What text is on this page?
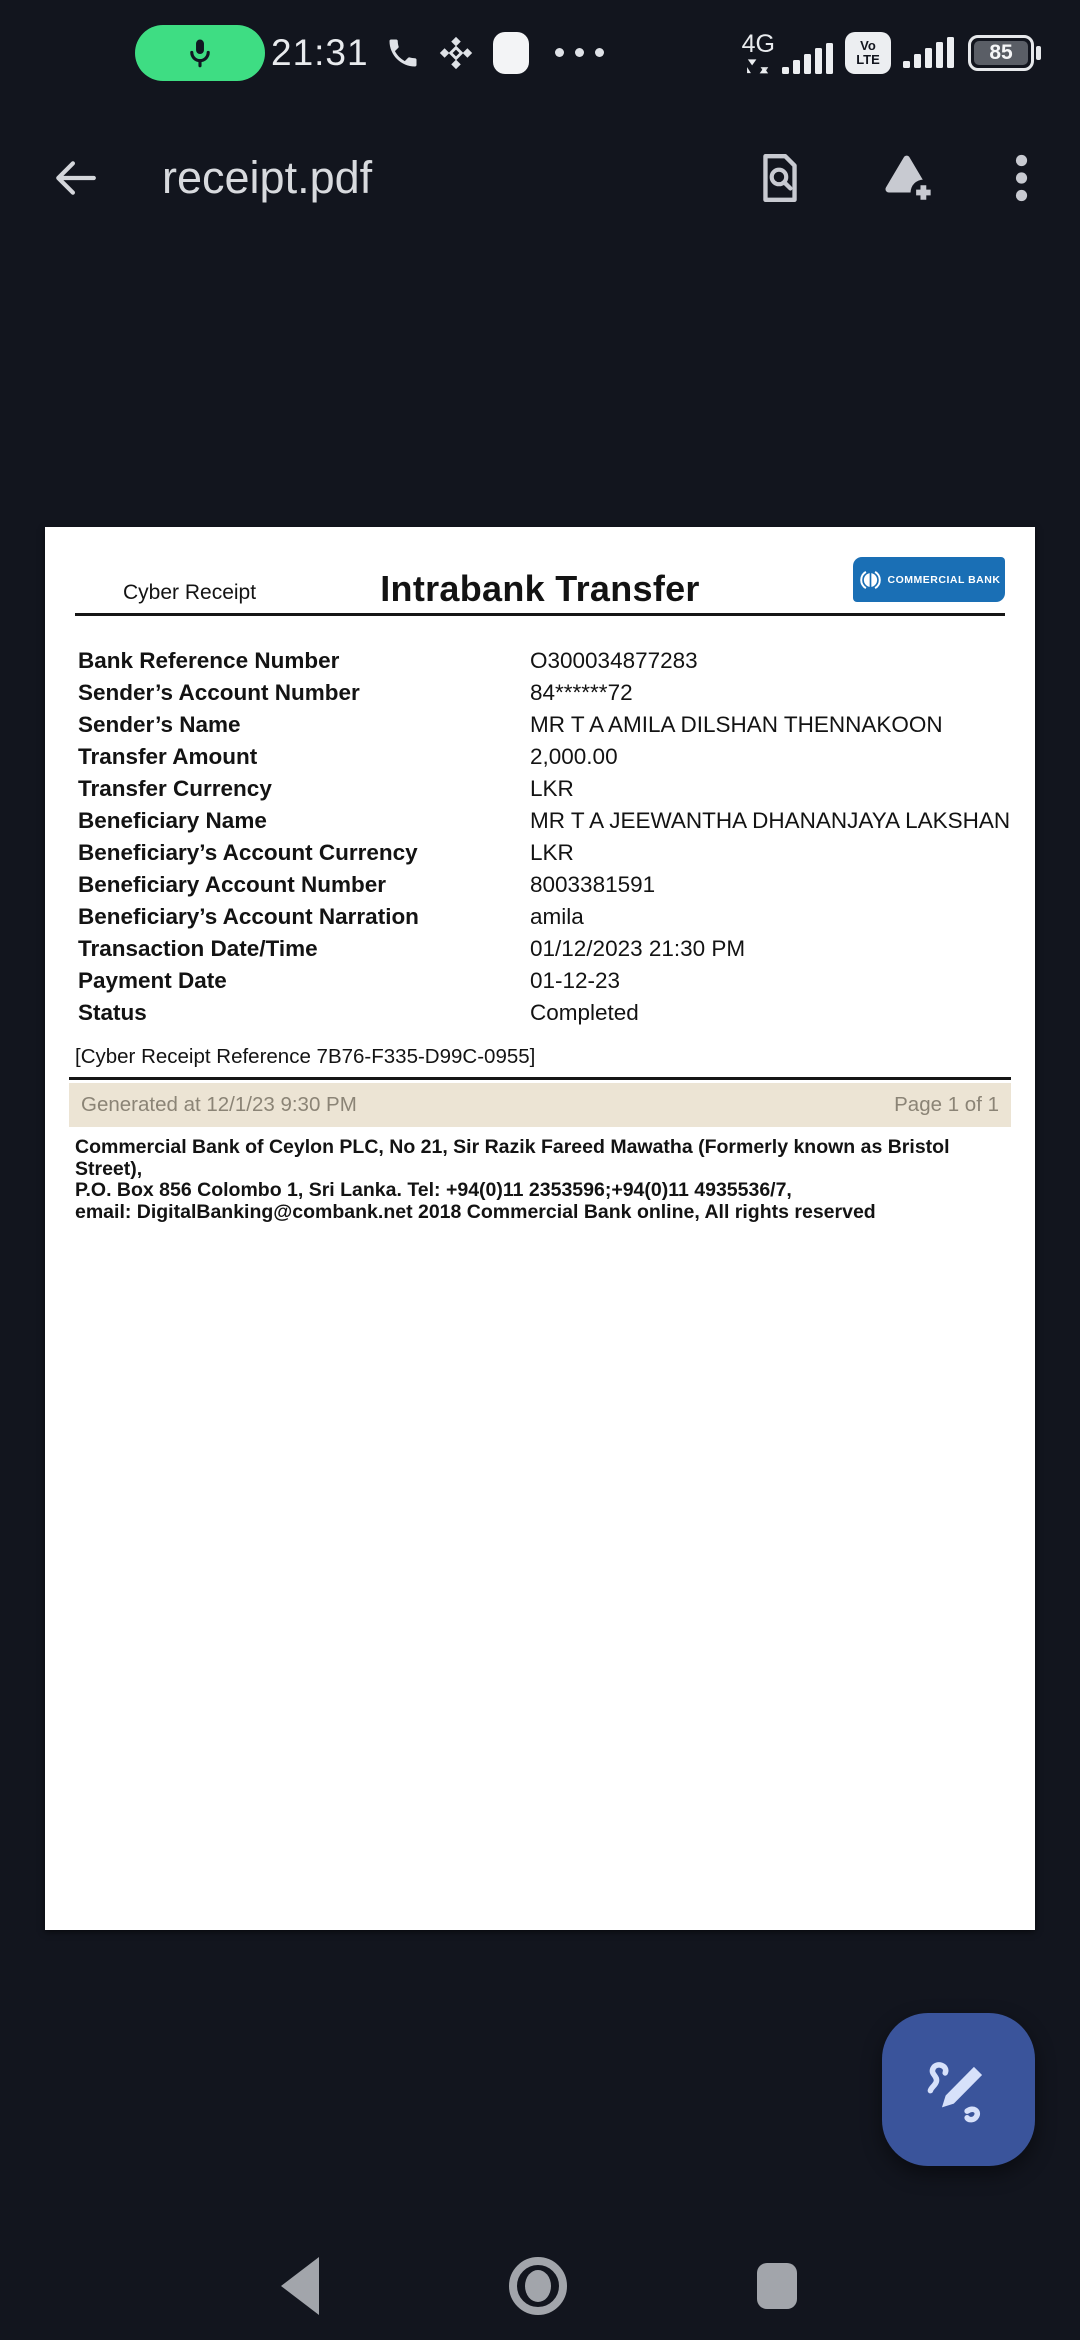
21:31	4G	Vo
LTE	85
receipt.pdf
Cyber Receipt	Intrabank Transfer	COMMERCIAL BANK
Bank Reference Number	O300034877283
Sender’s Account Number	84******72
Sender’s Name	MR T A AMILA DILSHAN THENNAKOON
Transfer Amount	2,000.00
Transfer Currency	LKR
Beneficiary Name	MR T A JEEWANTHA DHANANJAYA LAKSHAN
Beneficiary’s Account Currency	LKR
Beneficiary Account Number	8003381591
Beneficiary’s Account Narration	amila
Transaction Date/Time	01/12/2023 21:30 PM
Payment Date	01-12-23
Status	Completed
[Cyber Receipt Reference 7B76-F335-D99C-0955]
Generated at 12/1/23 9:30 PM	Page 1 of 1
Commercial Bank of Ceylon PLC, No 21, Sir Razik Fareed Mawatha (Formerly known as Bristol Street),
P.O. Box 856 Colombo 1, Sri Lanka. Tel: +94(0)11 2353596;+94(0)11 4935536/7,
email: DigitalBanking@combank.net 2018 Commercial Bank online, All rights reserved
